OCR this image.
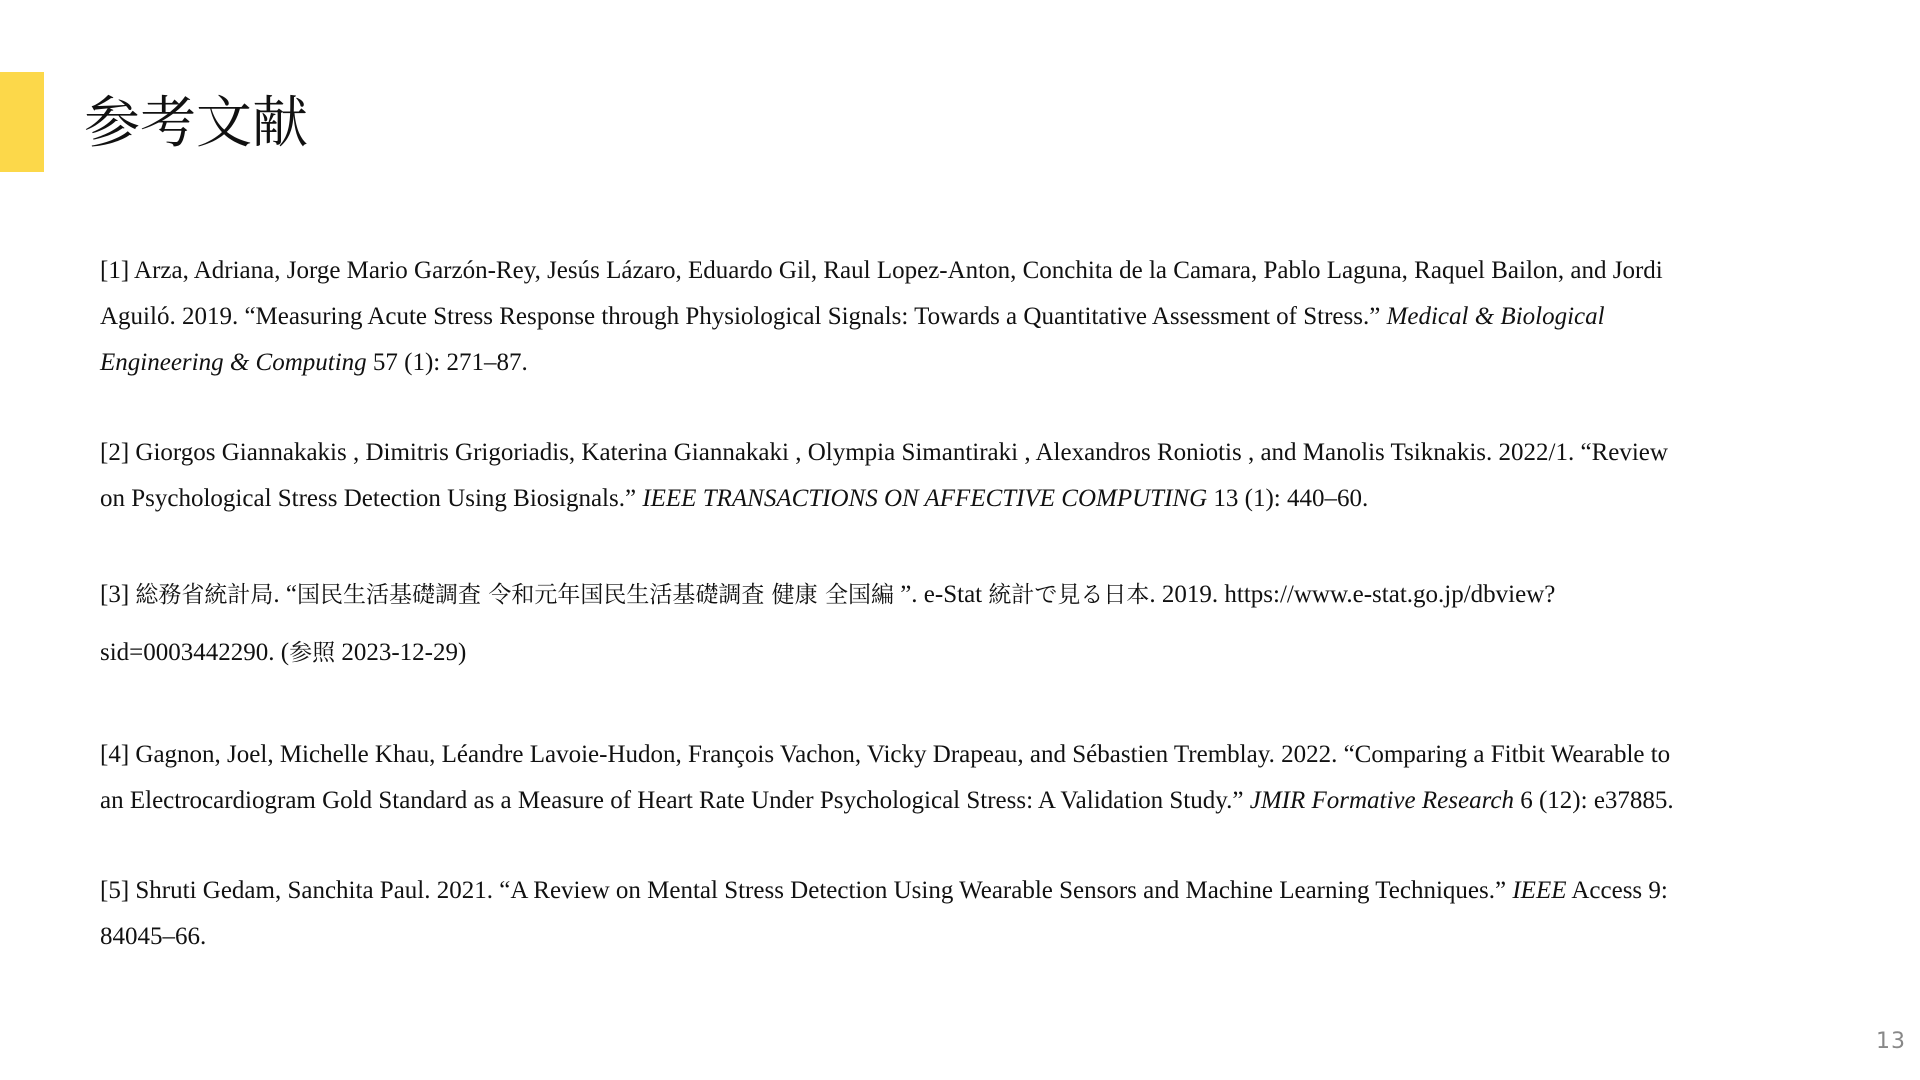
参考文献

[1] Arza, Adriana, Jorge Mario Garzón-Rey, Jesús Lázaro, Eduardo Gil, Raul Lopez-Anton, Conchita de la Camara, Pablo Laguna, Raquel Bailon, and Jordi
Aguiló. 2019. “Measuring Acute Stress Response through Physiological Signals: Towards a Quantitative Assessment of Stress.” Medical & Biological
Engineering & Computing 57 (1): 271–87.

[2] Giorgos Giannakakis , Dimitris Grigoriadis, Katerina Giannakaki , Olympia Simantiraki , Alexandros Roniotis , and Manolis Tsiknakis. 2022/1. “Review
on Psychological Stress Detection Using Biosignals.” IEEE TRANSACTIONS ON AFFECTIVE COMPUTING 13 (1): 440–60.

[3] 総務省統計局. “国民生活基礎調査 令和元年国民生活基礎調査 健康 全国編 ”. e-Stat 統計で見る日本. 2019. https://www.e-stat.go.jp/dbview?
sid=0003442290. (参照 2023-12-29)

[4] Gagnon, Joel, Michelle Khau, Léandre Lavoie-Hudon, François Vachon, Vicky Drapeau, and Sébastien Tremblay. 2022. “Comparing a Fitbit Wearable to
an Electrocardiogram Gold Standard as a Measure of Heart Rate Under Psychological Stress: A Validation Study.” JMIR Formative Research 6 (12): e37885.

[5] Shruti Gedam, Sanchita Paul. 2021. “A Review on Mental Stress Detection Using Wearable Sensors and Machine Learning Techniques.” IEEE Access 9:
84045–66.

13
